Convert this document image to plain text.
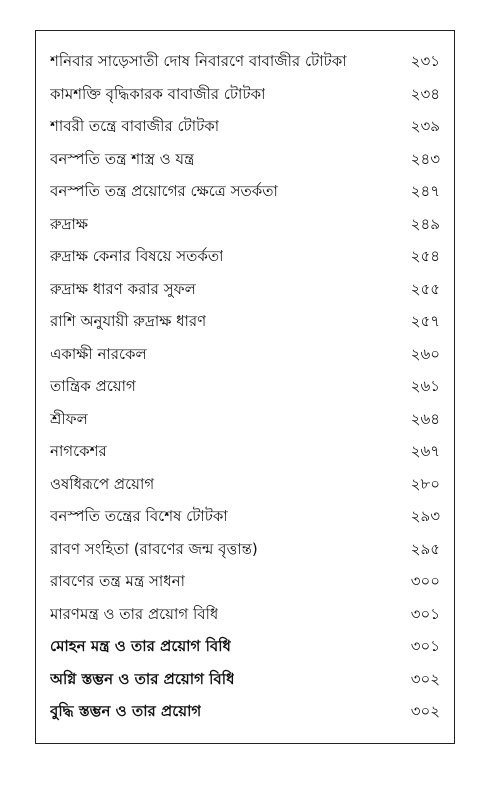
শনিবার সাড়েসাতী দোষ নিবারণে বাবাজীর টোটকা	২৩১
কামশক্তি বৃদ্ধিকারক বাবাজীর টোটকা	২৩৪
শাবরী তন্ত্রে বাবাজীর টোটকা	২৩৯
বনস্পতি তন্ত্র শাস্ত্র ও যন্ত্র	২৪৩
বনস্পতি তন্ত্র প্রয়োগের ক্ষেত্রে সতর্কতা	২৪৭
রুদ্রাক্ষ	২৪৯
রুদ্রাক্ষ কেনার বিষয়ে সতর্কতা	২৫৪
রুদ্রাক্ষ ধারণ করার সুফল	২৫৫
রাশি অনুযায়ী রুদ্রাক্ষ ধারণ	২৫৭
একাক্ষী নারকেল	২৬০
তান্ত্রিক প্রয়োগ	২৬১
শ্রীফল	২৬৪
নাগকেশর	২৬৭
ওষধিরূপে প্রয়োগ	২৮০
বনস্পতি তন্ত্রের বিশেষ টোটকা	২৯৩
রাবণ সংহিতা (রাবণের জন্ম বৃত্তান্ত)	২৯৫
রাবণের তন্ত্র মন্ত্র সাধনা	৩০০
মারণমন্ত্র ও তার প্রয়োগ বিধি	৩০১
মোহন মন্ত্র ও তার প্রয়োগ বিধি	৩০১
অগ্নি স্তম্ভন ও তার প্রয়োগ বিধি	৩০২
বুদ্ধি স্তম্ভন ও তার প্রয়োগ	৩০২
